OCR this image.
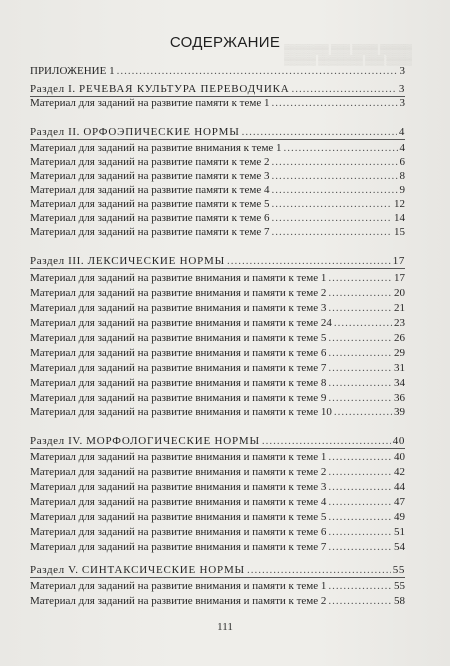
▒▒▒▒▒ ▒▒▒▒ ▒▒▒ ▒▒▒▒▒▒▒
▒▒▒▒ ▒▒▒ ▒▒▒▒▒▒▒ ▒▒▒▒▒
СОДЕРЖАНИЕ
ПРИЛОЖЕНИЕ 1 .....	3
Раздел I. РЕЧЕВАЯ КУЛЬТУРА ПЕРЕВОДЧИКА .....	3
Материал для заданий на развитие памяти к теме 1 .....	3
Раздел II. ОРФОЭПИЧЕСКИЕ НОРМЫ .....	4
Материал для заданий на развитие внимания к теме 1 .....	4
Материал для заданий на развитие памяти к теме 2 .....	6
Материал для заданий на развитие памяти к теме 3 .....	8
Материал для заданий на развитие памяти к теме 4 .....	9
Материал для заданий на развитие памяти к теме 5 .....	12
Материал для заданий на развитие памяти к теме 6 .....	14
Материал для заданий на развитие памяти к теме 7 .....	15
Раздел III. ЛЕКСИЧЕСКИЕ НОРМЫ .....	17
Материал для заданий на развитие внимания и памяти к теме 1 .....	17
Материал для заданий на развитие внимания и памяти к теме 2 .....	20
Материал для заданий на развитие внимания и памяти к теме 3 .....	21
Материал для заданий на развитие внимания и памяти к теме 24 .....	23
Материал для заданий на развитие внимания и памяти к теме 5 .....	26
Материал для заданий на развитие внимания и памяти к теме 6 .....	29
Материал для заданий на развитие внимания и памяти к теме 7 .....	31
Материал для заданий на развитие внимания и памяти к теме 8 .....	34
Материал для заданий на развитие внимания и памяти к теме 9 .....	36
Материал для заданий на развитие внимания и памяти к теме 10 .....	39
Раздел IV. МОРФОЛОГИЧЕСКИЕ НОРМЫ .....	40
Материал для заданий на развитие внимания и памяти к теме 1 .....	40
Материал для заданий на развитие внимания и памяти к теме 2 .....	42
Материал для заданий на развитие внимания и памяти к теме 3 .....	44
Материал для заданий на развитие внимания и памяти к теме 4 .....	47
Материал для заданий на развитие внимания и памяти к теме 5 .....	49
Материал для заданий на развитие внимания и памяти к теме 6 .....	51
Материал для заданий на развитие внимания и памяти к теме 7 .....	54
Раздел V. СИНТАКСИЧЕСКИЕ НОРМЫ .....	55
Материал для заданий на развитие внимания и памяти к теме 1 .....	55
Материал для заданий на развитие внимания и памяти к теме 2 .....	58
111
